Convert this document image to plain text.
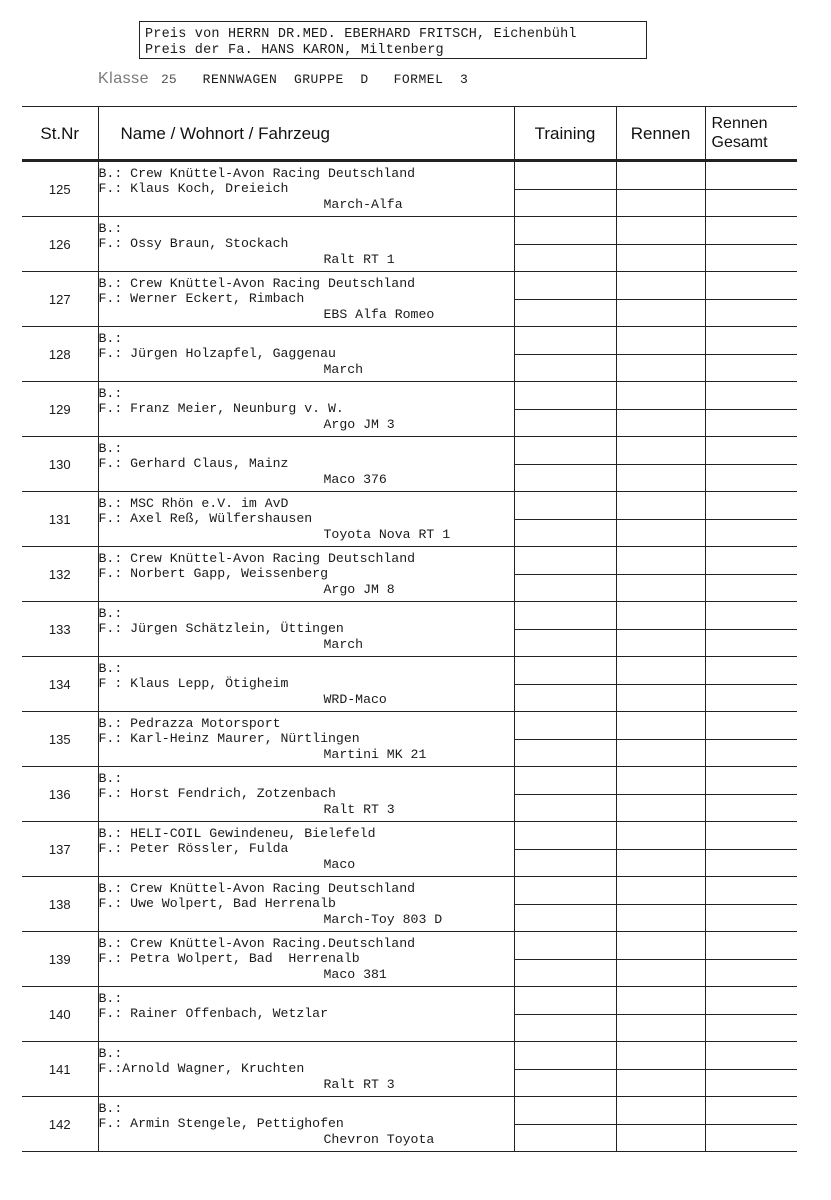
Preis von HERRN DR.MED. EBERHARD FRITSCH, Eichenbühl
Preis der Fa. HANS KARON, Miltenberg
Klasse 25 RENNWAGEN  GRUPPE  D   FORMEL  3
St.Nr	Name / Wohnort / Fahrzeug	Training	Rennen	Rennen
Gesamt

125	B.: Crew Knüttel-Avon Racing Deutschland
F.: Klaus Koch, Dreieich
March-Alfa			

126	B.:
F.: Ossy Braun, Stockach
Ralt RT 1			

127	B.: Crew Knüttel-Avon Racing Deutschland
F.: Werner Eckert, Rimbach
EBS Alfa Romeo			

128	B.:
F.: Jürgen Holzapfel, Gaggenau
March			

129	B.:
F.: Franz Meier, Neunburg v. W.
Argo JM 3			

130	B.:
F.: Gerhard Claus, Mainz
Maco 376			

131	B.: MSC Rhön e.V. im AvD
F.: Axel Reß, Wülfershausen
Toyota Nova RT 1			

132	B.: Crew Knüttel-Avon Racing Deutschland
F.: Norbert Gapp, Weissenberg
Argo JM 8			

133	B.:
F.: Jürgen Schätzlein, Üttingen
March			

134	B.:
F : Klaus Lepp, Ötigheim
WRD-Maco			

135	B.: Pedrazza Motorsport
F.: Karl-Heinz Maurer, Nürtlingen
Martini MK 21			

136	B.:
F.: Horst Fendrich, Zotzenbach
Ralt RT 3			

137	B.: HELI-COIL Gewindeneu, Bielefeld
F.: Peter Rössler, Fulda
Maco			

138	B.: Crew Knüttel-Avon Racing Deutschland
F.: Uwe Wolpert, Bad Herrenalb
March-Toy 803 D			

139	B.: Crew Knüttel-Avon Racing.Deutschland
F.: Petra Wolpert, Bad  Herrenalb
Maco 381			

140	B.:
F.: Rainer Offenbach, Wetzlar			

141	B.:
F.:Arnold Wagner, Kruchten
Ralt RT 3			

142	B.:
F.: Armin Stengele, Pettighofen
Chevron Toyota			
